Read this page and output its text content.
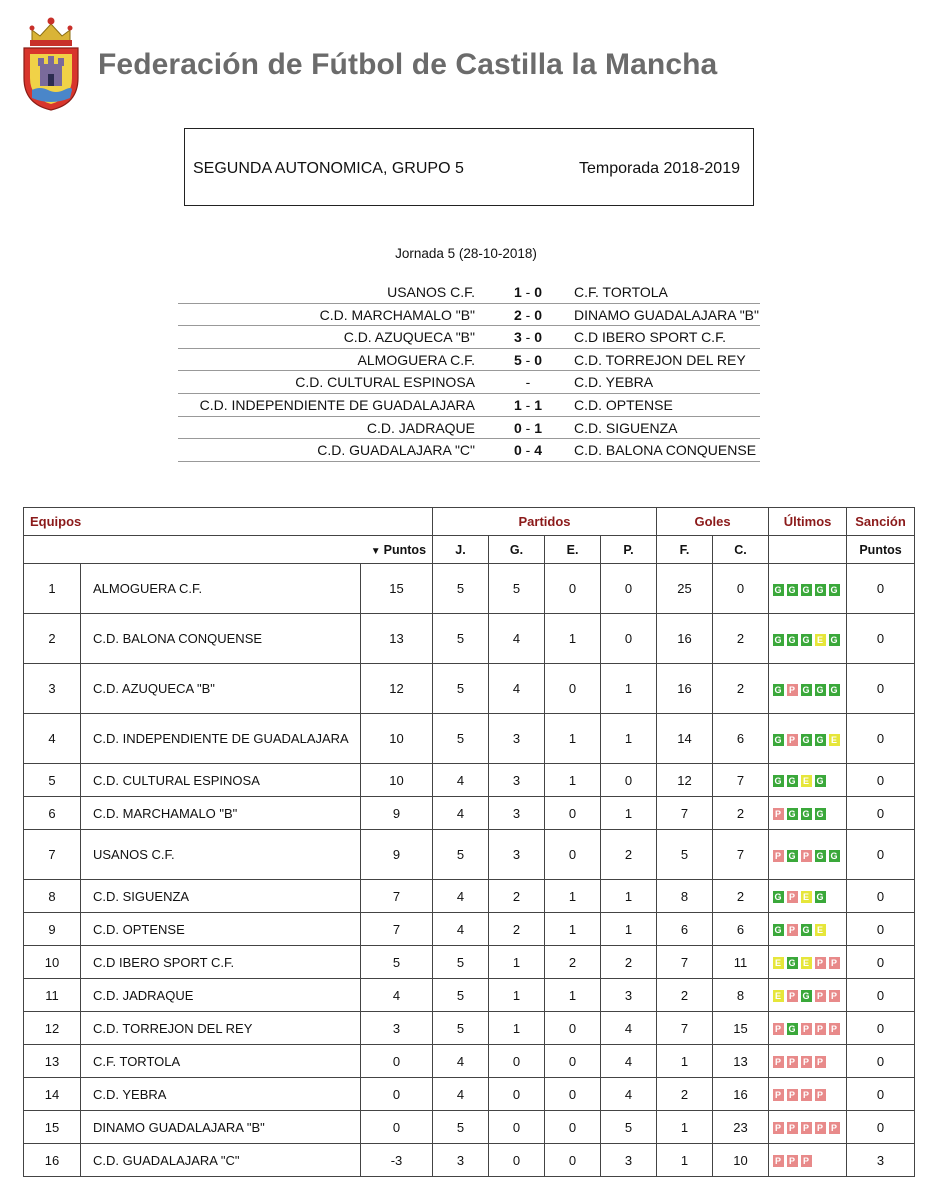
Federación de Fútbol de Castilla la Mancha
SEGUNDA AUTONOMICA, GRUPO 5	Temporada 2018-2019
Jornada 5 (28-10-2018)
USANOS C.F.	1 - 0	C.F. TORTOLA
C.D. MARCHAMALO "B"	2 - 0	DINAMO GUADALAJARA "B"
C.D. AZUQUECA "B"	3 - 0	C.D IBERO SPORT C.F.
ALMOGUERA C.F.	5 - 0	C.D. TORREJON DEL REY
C.D. CULTURAL ESPINOSA	-	C.D. YEBRA
C.D. INDEPENDIENTE DE GUADALAJARA	1 - 1	C.D. OPTENSE
C.D. JADRAQUE	0 - 1	C.D. SIGUENZA
C.D. GUADALAJARA "C"	0 - 4	C.D. BALONA CONQUENSE
Equipos			Partidos				Goles		Últimos	Sanción
▼ Puntos			J.	G.	E.	P.	F.	C.		Puntos
1	ALMOGUERA C.F.	15	5	5	0	0	25	0	G G G G G	0
2	C.D. BALONA CONQUENSE	13	5	4	1	0	16	2	G G G E G	0
3	C.D. AZUQUECA "B"	12	5	4	0	1	16	2	G P G G G	0
4	C.D. INDEPENDIENTE DE GUADALAJARA	10	5	3	1	1	14	6	G P G G E	0
5	C.D. CULTURAL ESPINOSA	10	4	3	1	0	12	7	G G E G	0
6	C.D. MARCHAMALO "B"	9	4	3	0	1	7	2	P G G G	0
7	USANOS C.F.	9	5	3	0	2	5	7	P G P G G	0
8	C.D. SIGUENZA	7	4	2	1	1	8	2	G P E G	0
9	C.D. OPTENSE	7	4	2	1	1	6	6	G P G E	0
10	C.D IBERO SPORT C.F.	5	5	1	2	2	7	11	E G E P P	0
11	C.D. JADRAQUE	4	5	1	1	3	2	8	E P G P P	0
12	C.D. TORREJON DEL REY	3	5	1	0	4	7	15	P G P P P	0
13	C.F. TORTOLA	0	4	0	0	4	1	13	P P P P	0
14	C.D. YEBRA	0	4	0	0	4	2	16	P P P P	0
15	DINAMO GUADALAJARA "B"	0	5	0	0	5	1	23	P P P P P	0
16	C.D. GUADALAJARA "C"	-3	3	0	0	3	1	10	P P P	3
